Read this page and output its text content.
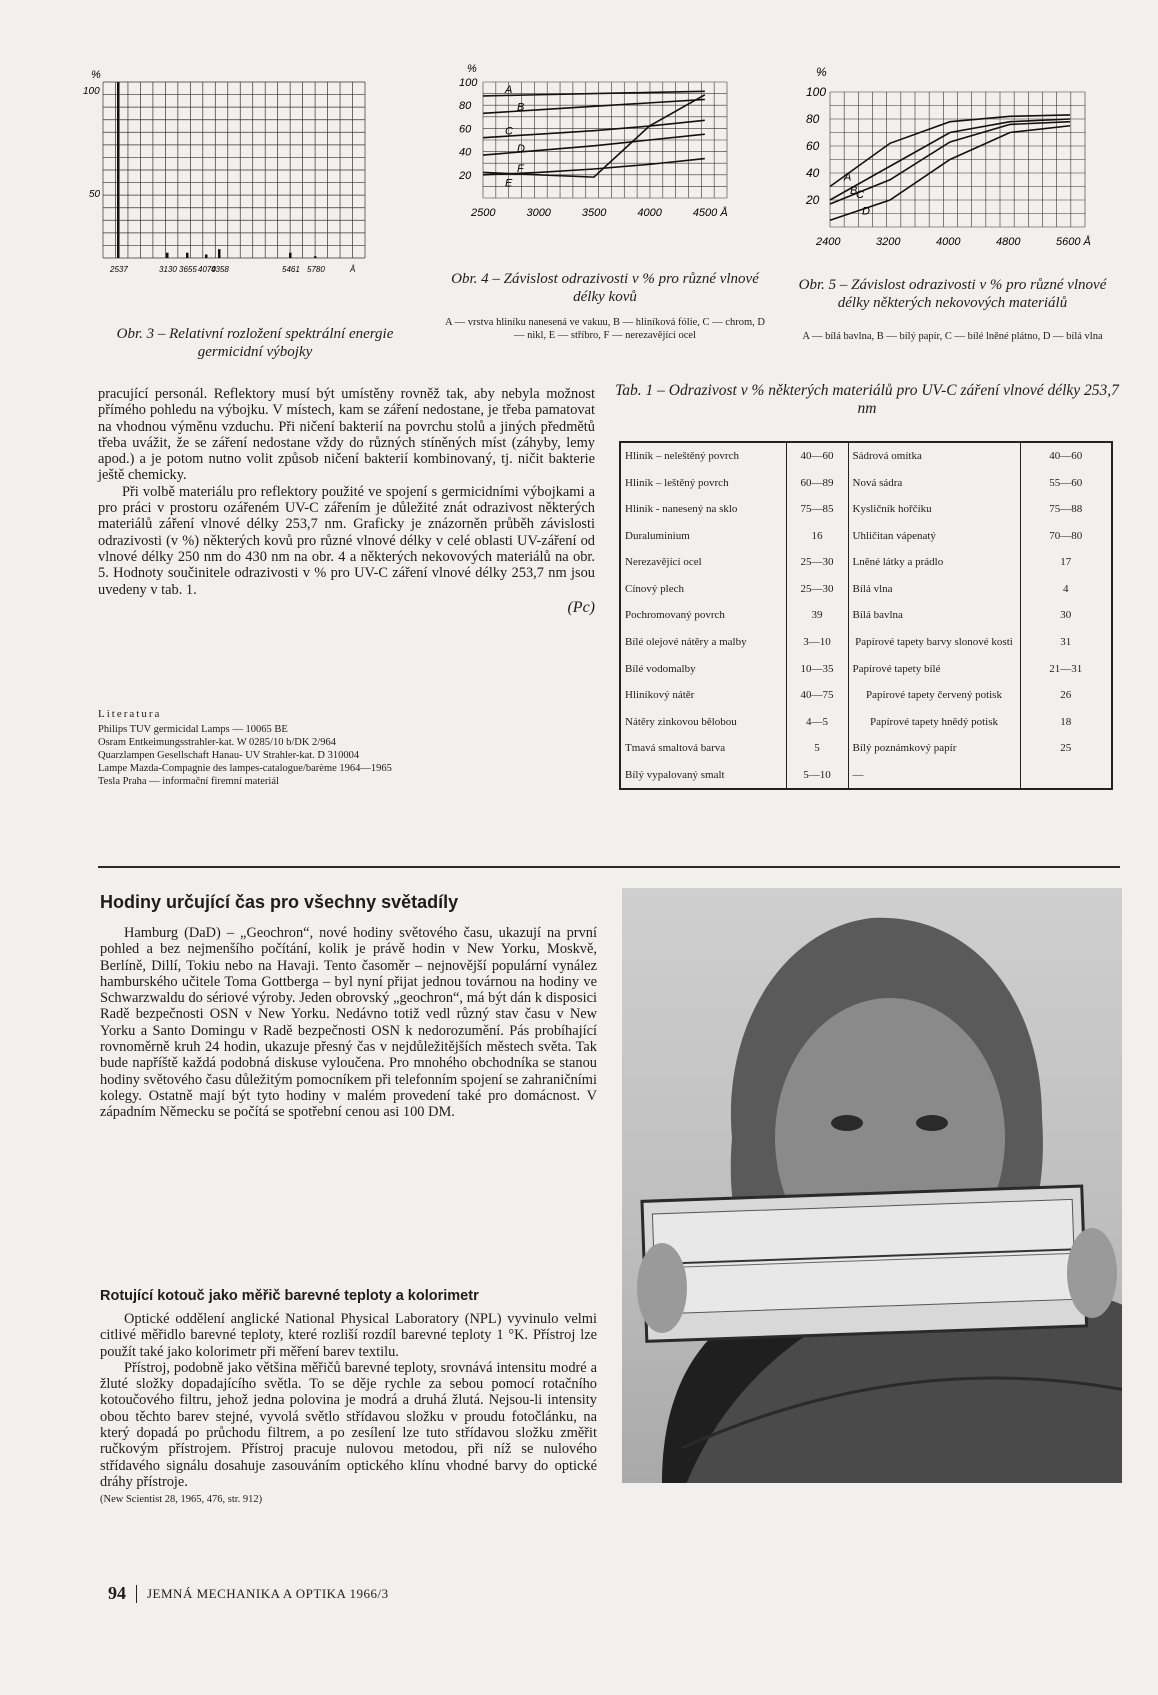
%
100
50
2537	3130 3655 4070
4358	5461 5780	Å
Obr. 3 – Relativní rozložení spektrální energie germicidní výbojky
%
100
80
60
40
20
A
B
C
D
E
F
2500	3000	3500	4000	4500 Å
Obr. 4 – Závislost odrazivosti v % pro různé vlnové délky kovů
A — vrstva hliníku nanesená ve vakuu, B — hliníková fólie, C — chrom, D — nikl, E — stříbro, F — nerezavějící ocel
%
100
80
60
40
20
A
B
C
D
2400	3200	4000	4800	5600 Å
Obr. 5 – Závislost odrazivosti v % pro různé vlnové délky některých nekovových materiálů
A — bílá bavlna, B — bílý papír, C — bílé lněné plátno, D — bílá vlna

pracující personál. Reflektory musí být umístěny rovněž tak, aby nebyla možnost přímého pohledu na výbojku. V místech, kam se záření nedostane, je třeba pamatovat na vhodnou výměnu vzduchu. Při ničení bakterií na povrchu stolů a jiných předmětů třeba uvážit, že se záření nedostane vždy do různých stíněných míst (záhyby, lemy apod.) a je potom nutno volit způsob ničení bakterií kombinovaný, tj. ničit bakterie ještě chemicky.

Při volbě materiálu pro reflektory použité ve spojení s germicidními výbojkami a pro práci v prostoru ozářeném UV-C zářením je důležité znát odrazivost některých materiálů záření vlnové délky 253,7 nm. Graficky je znázorněn průběh závislosti odrazivosti (v %) některých kovů pro různé vlnové délky v celé oblasti UV-záření od vlnové délky 250 nm do 430 nm na obr. 4 a některých nekovových materiálů na obr. 5. Hodnoty součinitele odrazivosti v % pro UV-C záření vlnové délky 253,7 nm jsou uvedeny v tab. 1.

(Pc)
Literatura
Philips TUV germicidal Lamps — 10065 BE
Osram Entkeimungsstrahler-kat. W 0285/10 b/DK 2/964
Quarzlampen Gesellschaft Hanau- UV Strahler-kat. D 310004
Lampe Mazda-Compagnie des lampes-catalogue/barème 1964—1965
Tesla Praha — informační firemní materiál
Tab. 1 – Odrazivost v % některých materiálů pro UV-C záření vlnové délky 253,7 nm
Hliník – neleštěný povrch	40—60	Sádrová omítka	40—60
Hliník – leštěný povrch	60—89	Nová sádra	55—60
Hliník - nanesený na sklo	75—85	Kysličník hořčíku	75—88
Duraluminium	16	Uhličitan vápenatý	70—80
Nerezavějící ocel	25—30	Lněné látky a prádlo	17
Cínový plech	25—30	Bílá vlna	4
Pochromovaný povrch	39	Bílá bavlna	30
Bílé olejové nátěry a malby	3—10	Papírové tapety barvy slonové kosti	31
Bílé vodomalby	10—35	Papírové tapety bílé	21—31
Hliníkový nátěr	40—75	Papírové tapety červený potisk	26
Nátěry zinkovou bělobou	4—5	Papírové tapety hnědý potisk	18
Tmavá smaltová barva	5	Bílý poznámkový papír	25
Bílý vypalovaný smalt	5—10	—	
Hodiny určující čas pro všechny světadíly

Hamburg (DaD) – „Geochron“, nové hodiny světového času, ukazují na první pohled a bez nejmenšího počítání, kolik je právě hodin v New Yorku, Moskvě, Berlíně, Dillí, Tokiu nebo na Havaji. Tento časoměr – nejnovější populární vynález hamburského učitele Toma Gottberga – byl nyní přijat jednou továrnou na hodiny ve Schwarzwaldu do sériové výroby. Jeden obrovský „geochron“, má být dán k disposici Radě bezpečnosti OSN v New Yorku. Nedávno totiž vedl různý stav času v New Yorku a Santo Domingu v Radě bezpečnosti OSN k nedorozumění. Pás probíhající rovnoměrně kruh 24 hodin, ukazuje přesný čas v nejdůležitějších městech světa. Tak bude napříště každá podobná diskuse vyloučena. Pro mnohého obchodníka se stanou hodiny světového času důležitým pomocníkem při telefonním spojení se zahraničními kolegy. Ostatně mají být tyto hodiny v malém provedení také pro domácnost. V západním Německu se počítá se spotřební cenou asi 100 DM.

Rotující kotouč jako měřič barevné teploty a kolorimetr

Optické oddělení anglické National Physical Laboratory (NPL) vyvinulo velmi citlivé měřidlo barevné teploty, které rozliší rozdíl barevné teploty 1 °K. Přístroj lze použít také jako kolorimetr při měření barev textilu.

Přístroj, podobně jako většina měřičů barevné teploty, srovnává intensitu modré a žluté složky dopadajícího světla. To se děje rychle za sebou pomocí rotačního kotoučového filtru, jehož jedna polovina je modrá a druhá žlutá. Nejsou-li intensity obou těchto barev stejné, vyvolá světlo střídavou složku v proudu fotočlánku, na který dopadá po průchodu filtrem, a po zesílení lze tuto střídavou složku změřit ručkovým přístrojem. Přístroj pracuje nulovou metodou, při níž se nulového střídavého signálu dosahuje zasouváním optického klínu vhodné barvy do optické dráhy přístroje.

(New Scientist 28, 1965, 476, str. 912)
94 JEMNÁ MECHANIKA A OPTIKA 1966/3
